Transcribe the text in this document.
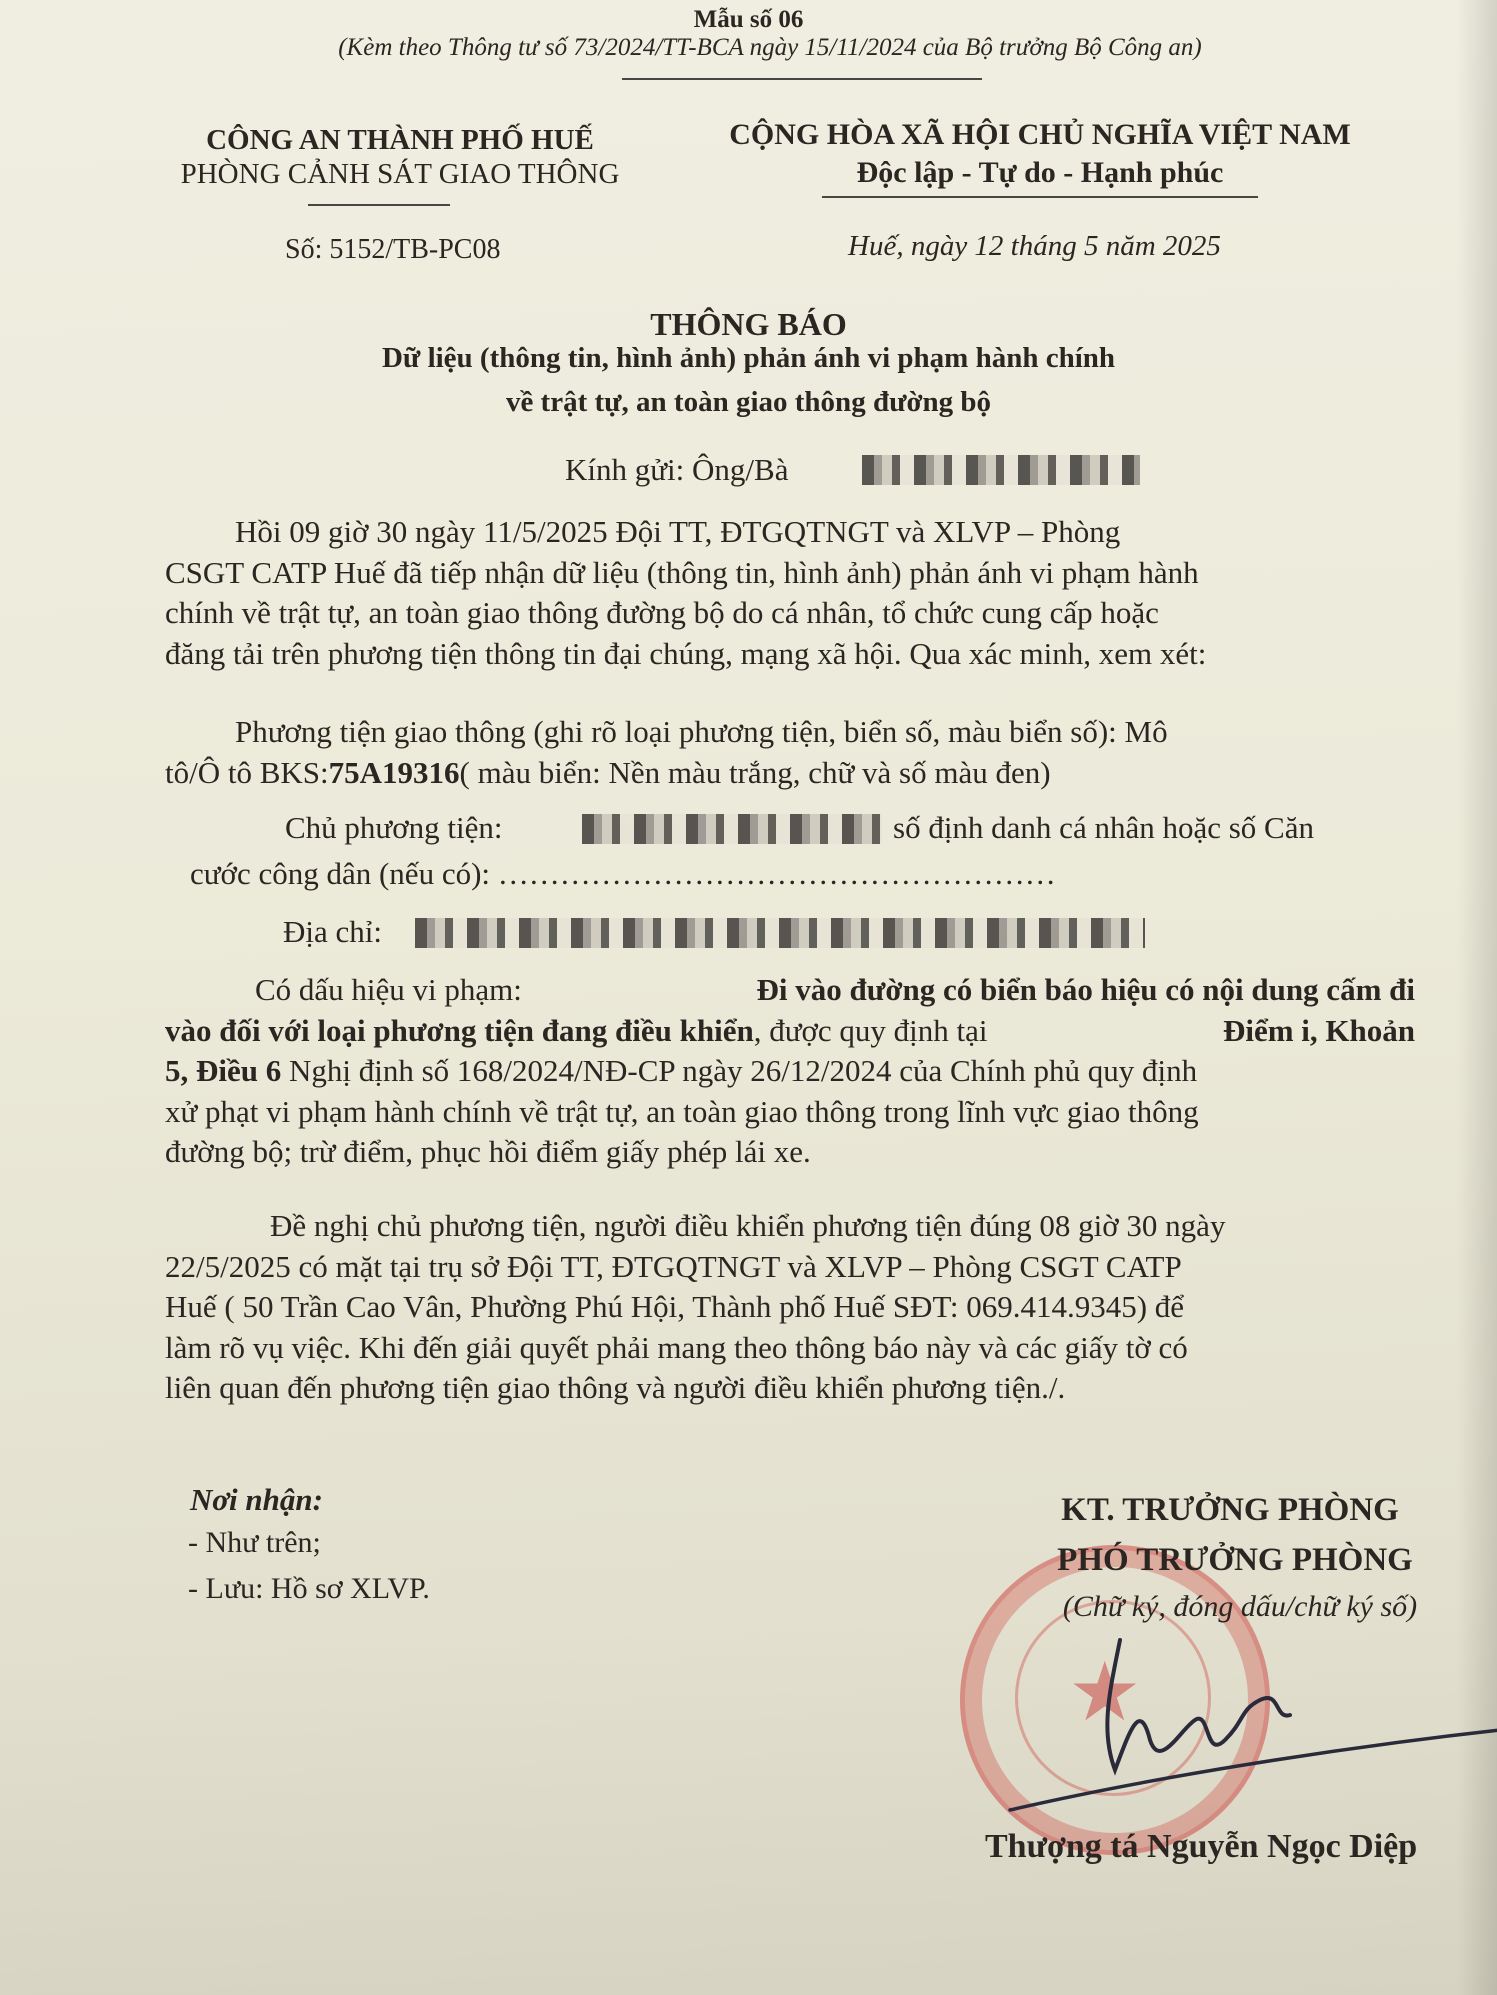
Mẫu số 06
(Kèm theo Thông tư số 73/2024/TT-BCA ngày 15/11/2024 của Bộ trưởng Bộ Công an)
CÔNG AN THÀNH PHỐ HUẾ
PHÒNG CẢNH SÁT GIAO THÔNG
Số: 5152/TB-PC08
CỘNG HÒA XÃ HỘI CHỦ NGHĨA VIỆT NAM
Độc lập - Tự do - Hạnh phúc
Huế, ngày 12 tháng 5 năm 2025
THÔNG BÁO
Dữ liệu (thông tin, hình ảnh) phản ánh vi phạm hành chính
về trật tự, an toàn giao thông đường bộ
Kính gửi: Ông/Bà
Hồi 09 giờ 30 ngày 11/5/2025 Đội TT, ĐTGQTNGT và XLVP – Phòng
CSGT CATP Huế đã tiếp nhận dữ liệu (thông tin, hình ảnh) phản ánh vi phạm hành
chính về trật tự, an toàn giao thông đường bộ do cá nhân, tổ chức cung cấp hoặc
đăng tải trên phương tiện thông tin đại chúng, mạng xã hội. Qua xác minh, xem xét:
Phương tiện giao thông (ghi rõ loại phương tiện, biển số, màu biển số): Mô
tô/Ô tô BKS: 75A19316 ( màu biển: Nền màu trắng, chữ và số màu đen)
Chủ phương tiện:	số định danh cá nhân hoặc số Căn
cước công dân (nếu có): ………………………………………………
Địa chỉ:
Có dấu hiệu vi phạm:	Đi vào đường có biển báo hiệu có nội dung cấm đi
vào đối với loại phương tiện đang điều khiển, được quy định tại	Điểm i, Khoản
5, Điều 6 Nghị định số 168/2024/NĐ-CP ngày 26/12/2024 của Chính phủ quy định
xử phạt vi phạm hành chính về trật tự, an toàn giao thông trong lĩnh vực giao thông
đường bộ; trừ điểm, phục hồi điểm giấy phép lái xe.
Đề nghị chủ phương tiện, người điều khiển phương tiện đúng 08 giờ 30 ngày
22/5/2025 có mặt tại trụ sở Đội TT, ĐTGQTNGT và XLVP – Phòng CSGT CATP
Huế ( 50 Trần Cao Vân, Phường Phú Hội, Thành phố Huế SĐT: 069.414.9345) để
làm rõ vụ việc. Khi đến giải quyết phải mang theo thông báo này và các giấy tờ có
liên quan đến phương tiện giao thông và người điều khiển phương tiện./.
Nơi nhận:
- Như trên;
- Lưu: Hồ sơ XLVP.
★
KT. TRƯỞNG PHÒNG
PHÓ TRƯỞNG PHÒNG
(Chữ ký, đóng dấu/chữ ký số)
Thượng tá Nguyễn Ngọc Diệp
